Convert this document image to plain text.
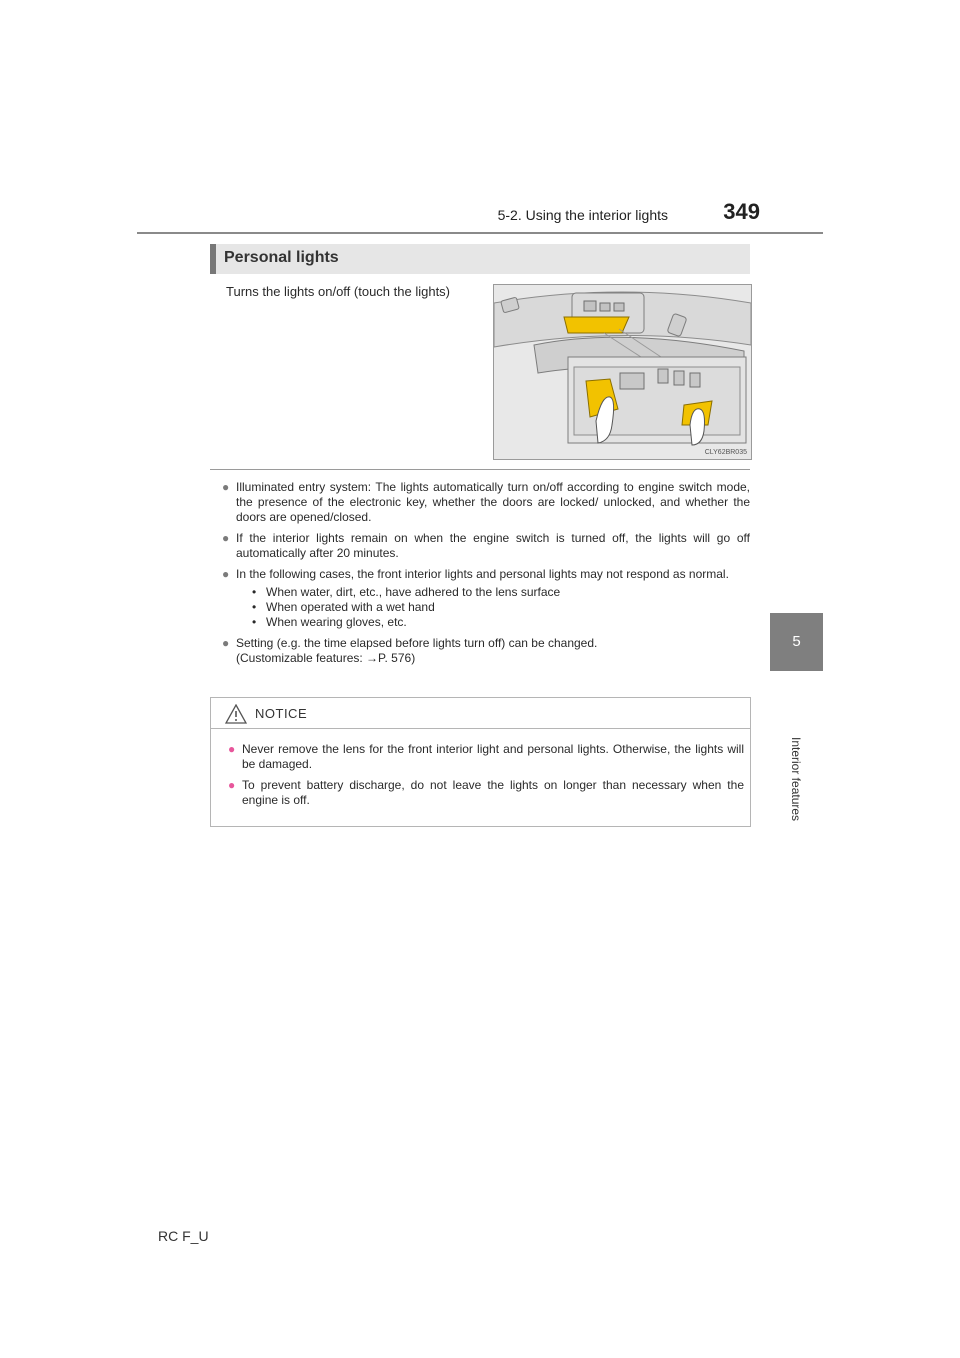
5-2. Using the interior lights	349
5
Interior features
Personal lights
Turns the lights on/off (touch the lights)
CLY62BR035
● Illuminated entry system: The lights automatically turn on/off according to engine switch mode, the presence of the electronic key, whether the doors are locked/ unlocked, and whether the doors are opened/closed.
● If the interior lights remain on when the engine switch is turned off, the lights will go off automatically after 20 minutes.
● In the following cases, the front interior lights and personal lights may not respond as normal.
• When water, dirt, etc., have adhered to the lens surface
• When operated with a wet hand
• When wearing gloves, etc.
● Setting (e.g. the time elapsed before lights turn off) can be changed.
(Customizable features: →P. 576)
NOTICE
● Never remove the lens for the front interior light and personal lights. Otherwise, the lights will be damaged.
● To prevent battery discharge, do not leave the lights on longer than necessary when the engine is off.
RC F_U
